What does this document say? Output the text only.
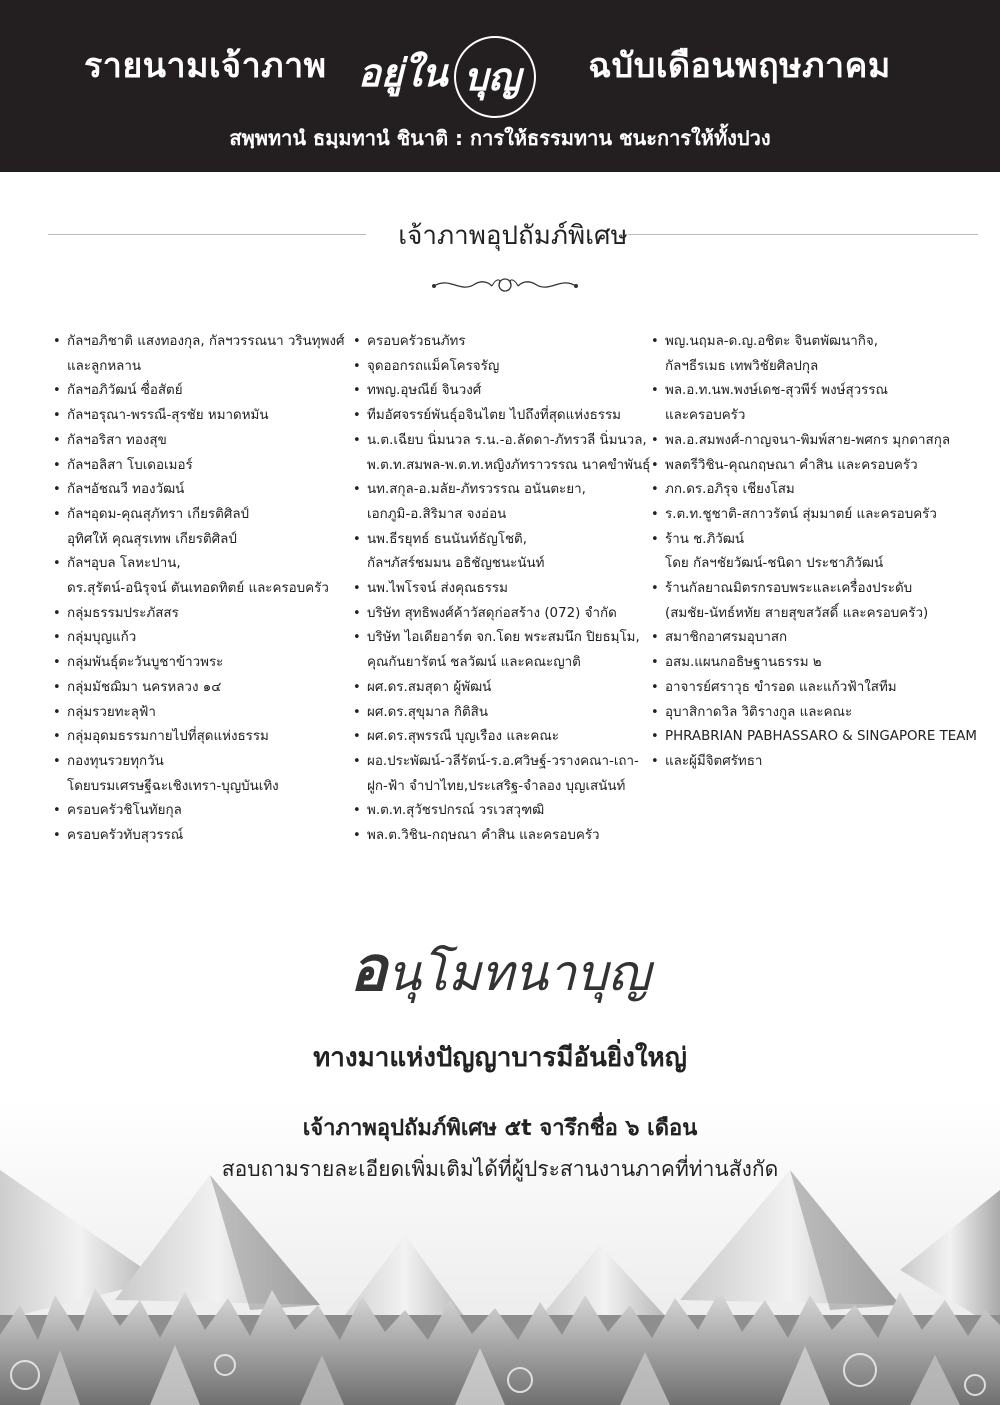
รายนามเจ้าภาพ อยู่ใน บุญ ฉบับเดือนพฤษภาคม
สพฺพทานํ ธมฺมทานํ ชินาติ : การให้ธรรมทาน ชนะการให้ทั้งปวง
เจ้าภาพอุปถัมภ์พิเศษ
• กัลฯอภิชาติ แสงทองกุล, กัลฯวรรณนา วรินทุพงศ์
และลูกหลาน
• กัลฯอภิวัฒน์ ซื่อสัตย์
• กัลฯอรุณา-พรรณี-สุรชัย หมาดหมัน
• กัลฯอริสา ทองสุข
• กัลฯอลิสา โบเดอเมอร์
• กัลฯอัชณวี ทองวัฒน์
• กัลฯอุดม-คุณสุภัทรา เกียรติศิลป์
อุทิศให้ คุณสุรเทพ เกียรติศิลป์
• กัลฯอุบล โลหะปาน,
ดร.สุรัตน์-อนิรุจน์ ตันเทอดทิตย์ และครอบครัว
• กลุ่มธรรมประภัสสร
• กลุ่มบุญแก้ว
• กลุ่มพันธุ์ตะวันบูชาข้าวพระ
• กลุ่มมัชฌิมา นครหลวง ๑๔
• กลุ่มรวยทะลุฟ้า
• กลุ่มอุดมธรรมกายไปที่สุดแห่งธรรม
• กองทุนรวยทุกวัน
โดยบรมเศรษฐีฉะเชิงเทรา-บุญบันเทิง
• ครอบครัวชิโนทัยกุล
• ครอบครัวทับสุวรรณ์
• ครอบครัวธนภัทร
• จุดออกรถแม็คโครจรัญ
• ทพญ.อุษณีย์ จินวงศ์
• ทีมอัศจรรย์พันธุ์อจินไตย ไปถึงที่สุดแห่งธรรม
• น.ต.เฉียบ นิ่มนวล ร.น.-อ.ลัดดา-ภัทรวลี นิ่มนวล,
พ.ต.ท.สมพล-พ.ต.ท.หญิงภัทราวรรณ นาคขำพันธุ์
• นท.สกุล-อ.มลัย-ภัทรวรรณ อนันตะยา,
เอกภูมิ-อ.สิริมาส จงอ่อน
• นพ.ธีรยุทธ์ ธนนันท์ธัญโชติ,
กัลฯภัสร์ชมมน อธิชัญชนะนันท์
• นพ.ไพโรจน์ ส่งคุณธรรม
• บริษัท สุทธิพงศ์ค้าวัสดุก่อสร้าง (072) จำกัด
• บริษัท ไอเดียอาร์ต จก.โดย พระสมนึก ปิยธมฺโม,
คุณกันยารัตน์ ชลวัฒน์ และคณะญาติ
• ผศ.ดร.สมสุดา ผู้พัฒน์
• ผศ.ดร.สุขุมาล กิติสิน
• ผศ.ดร.สุพรรณี บุญเรือง และคณะ
• ผอ.ประพัฒน์-วลีรัตน์-ร.อ.ศวิษฐ์-วรางคณา-เถา-
ฝูก-ฟ้า จำปาไทย,ประเสริฐ-จำลอง บุญเสนันท์
• พ.ต.ท.สุวัชรปกรณ์ วรเวสวุฑฒิ
• พล.ต.วิชิน-กฤษณา คำสิน และครอบครัว
• พญ.นฤมล-ด.ญ.อชิตะ จินตพัฒนากิจ,
กัลฯธีรเมธ เทพวิชัยศิลปกุล
• พล.อ.ท.นพ.พงษ์เดช-สุวพีร์ พงษ์สุวรรณ
และครอบครัว
• พล.อ.สมพงศ์-กาญจนา-พิมพ์สาย-พศกร มุกดาสกุล
• พลตรีวิชิน-คุณกฤษณา คำสิน และครอบครัว
• ภก.ดร.อภิรุจ เชียงโสม
• ร.ต.ท.ชูชาติ-สกาวรัตน์ สุ่มมาตย์ และครอบครัว
• ร้าน ช.ภิวัฒน์
โดย กัลฯชัยวัฒน์-ชนิดา ประชาภิวัฒน์
• ร้านกัลยาณมิตรกรอบพระและเครื่องประดับ
(สมชัย-นัทธ์หทัย สายสุขสวัสดิ์ และครอบครัว)
• สมาชิกอาศรมอุบาสก
• อสม.แผนกอธิษฐานธรรม ๒
• อาจารย์ศราวุธ ขำรอด และแก้วฟ้าใสทีม
• อุบาสิกาดวิล วิติรางกูล และคณะ
• PHRABRIAN PABHASSARO & SINGAPORE TEAM
• และผู้มีจิตศรัทธา
อนุโมทนาบุญ
ทางมาแห่งปัญญาบารมีอันยิ่งใหญ่
เจ้าภาพอุปถัมภ์พิเศษ ๕t จารึกชื่อ ๖ เดือน
สอบถามรายละเอียดเพิ่มเติมได้ที่ผู้ประสานงานภาคที่ท่านสังกัด
